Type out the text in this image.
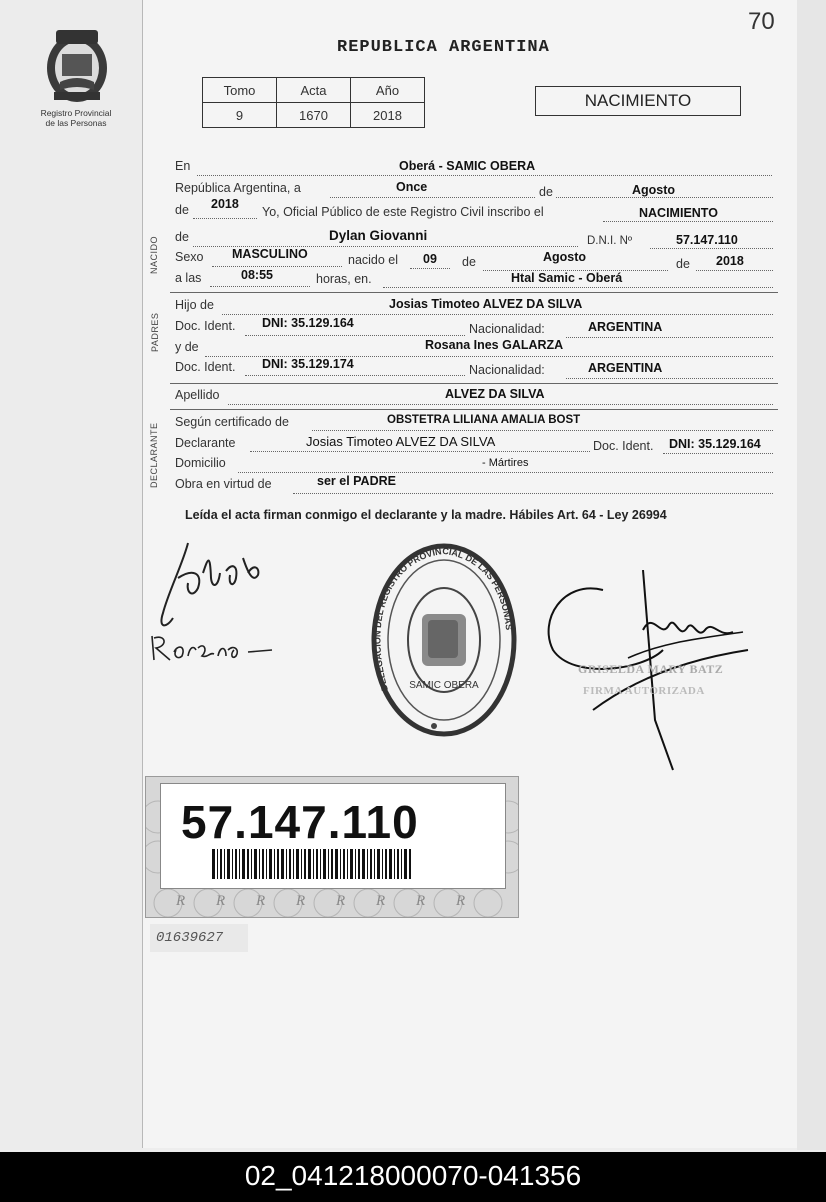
70
Registro Provincial
de las Personas
REPUBLICA ARGENTINA
Tomo	Acta	Año
9	1670	2018
NACIMIENTO
En	Oberá - SAMIC OBERA
República Argentina, a	Once	de	Agosto
de 2018
Yo, Oficial Público de este Registro Civil inscribo el	NACIMIENTO
NACIDO de	Dylan Giovanni	D.N.I. Nº	57.147.110
Sexo MASCULINO	nacido el 09 de	Agosto	de 2018
a las	08:55	horas, en.	Htal Samic - Oberá
PADRES
Hijo de	Josias Timoteo ALVEZ DA SILVA
Doc. Ident. DNI: 35.129.164	Nacionalidad:	ARGENTINA
y de	Rosana Ines GALARZA
Doc. Ident. DNI: 35.129.174	Nacionalidad:	ARGENTINA
Apellido	ALVEZ DA SILVA
DECLARANTE
Según certificado de	OBSTETRA LILIANA AMALIA BOST
Declarante	Josias Timoteo ALVEZ DA SILVA	Doc. Ident. DNI: 35.129.164
Domicilio	- Mártires
Obra en virtud de	ser el PADRE
Leída el acta firman conmigo el declarante y la madre. Hábiles Art. 64 - Ley 26994
DELEGACIÓN DEL REGISTRO PROVINCIAL DE LAS PERSONAS
SAMIC OBERA
GRISELDA MARY BATZ
FIRMA AUTORIZADA
57.147.110
R R R R R R R R
01639627
02_041218000070-041356
